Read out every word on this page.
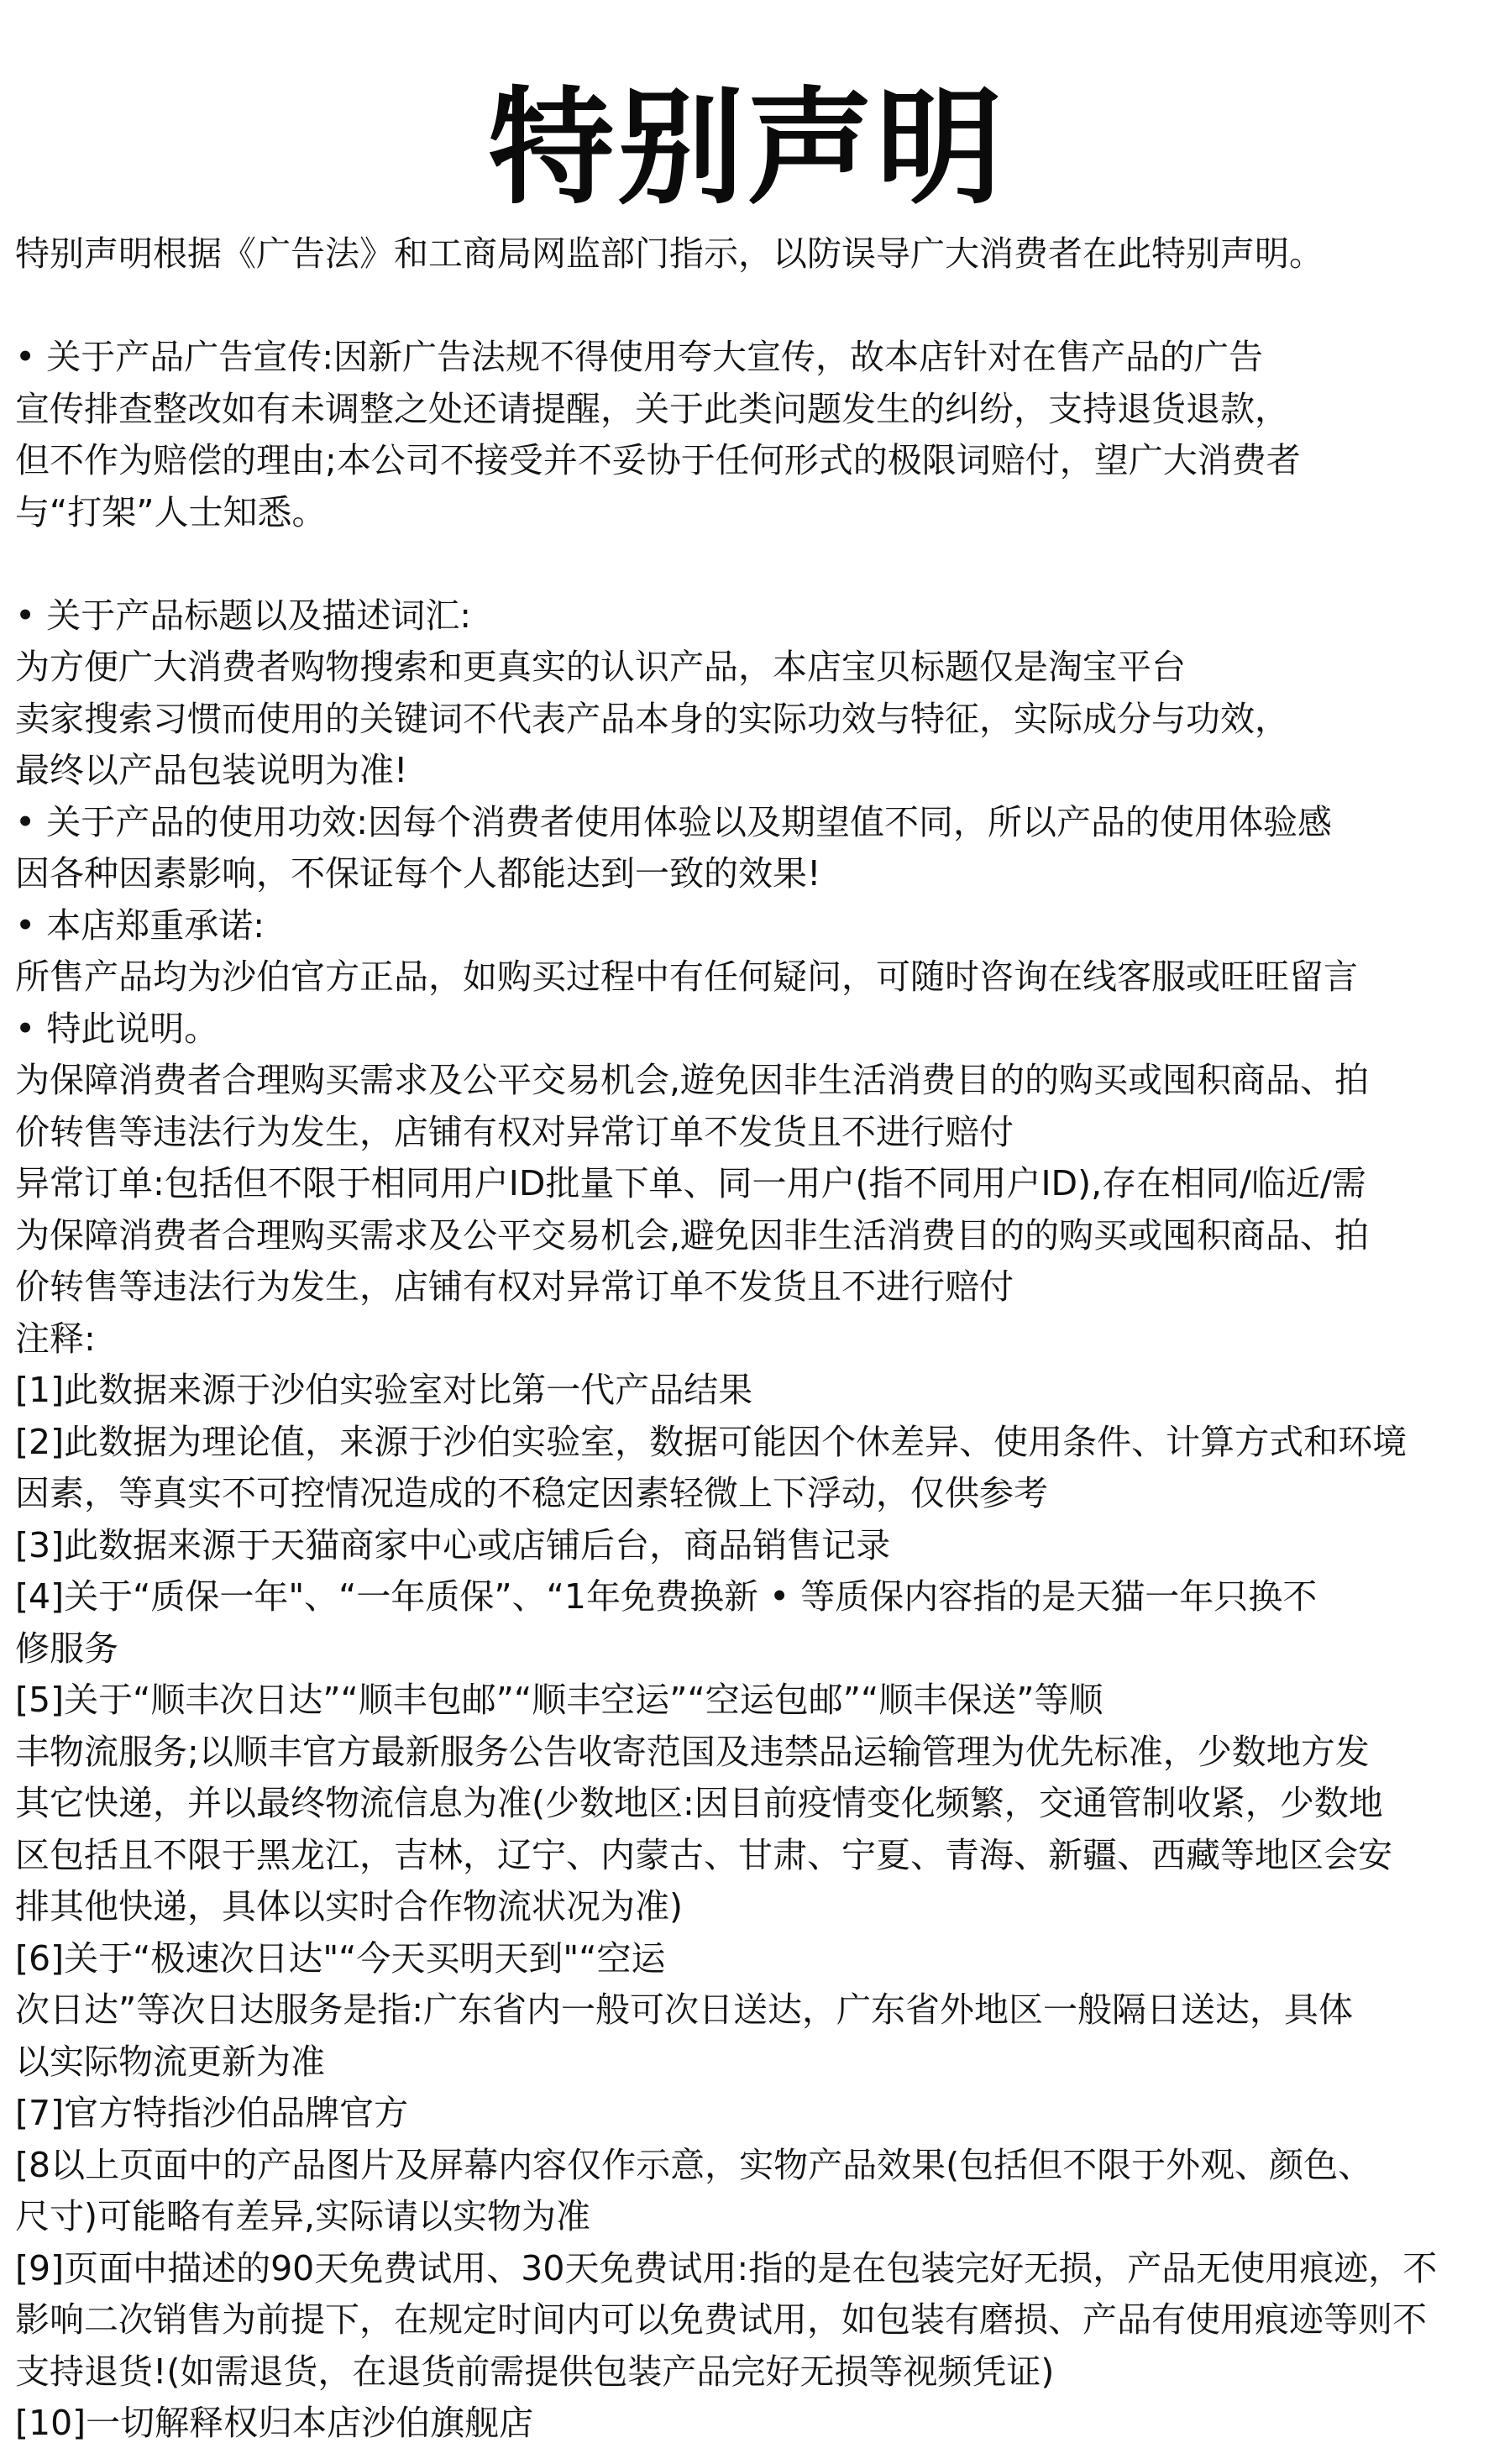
特别声明
特别声明根据《广告法》和工商局网监部门指示，以防误导广大消费者在此特别声明。
• 关于产品广告宣传:因新广告法规不得使用夸大宣传，故本店针对在售产品的广告
宣传排查整改如有未调整之处还请提醒，关于此类问题发生的纠纷，支持退货退款，
但不作为赔偿的理由;本公司不接受并不妥协于任何形式的极限词赔付，望广大消费者
与“打架”人士知悉。
• 关于产品标题以及描述词汇:
为方便广大消费者购物搜索和更真实的认识产品，本店宝贝标题仅是淘宝平台
卖家搜索习惯而使用的关键词不代表产品本身的实际功效与特征，实际成分与功效，
最终以产品包装说明为准!
• 关于产品的使用功效:因每个消费者使用体验以及期望值不同，所以产品的使用体验感
因各种因素影响，不保证每个人都能达到一致的效果!
• 本店郑重承诺:
所售产品均为沙伯官方正品，如购买过程中有任何疑问，可随时咨询在线客服或旺旺留言
• 特此说明。
为保障消费者合理购买需求及公平交易机会,遊免因非生活消费目的的购买或囤积商品、拍
价转售等违法行为发生，店铺有权对异常订单不发货且不进行赔付
异常订单:包括但不限于相同用户ID批量下单、同一用户(指不同用户ID),存在相同/临近/需
为保障消费者合理购买需求及公平交易机会,避免因非生活消费目的的购买或囤积商品、拍
价转售等违法行为发生，店铺有权对异常订单不发货且不进行赔付
注释:
[1]此数据来源于沙伯实验室对比第一代产品结果
[2]此数据为理论值，来源于沙伯实验室，数据可能因个休差异、使用条件、计算方式和环境
因素，等真实不可控情况造成的不稳定因素轻微上下浮动，仅供参考
[3]此数据来源于天猫商家中心或店铺后台，商品销售记录
[4]关于“质保一年"、“一年质保”、“1年免费换新 • 等质保内容指的是天猫一年只换不
修服务
[5]关于“顺丰次日达”“顺丰包邮”“顺丰空运”“空运包邮”“顺丰保送”等顺
丰物流服务;以顺丰官方最新服务公告收寄范国及违禁品运输管理为优先标准，少数地方发
其它快递，并以最终物流信息为准(少数地区:因目前疫情变化频繁，交通管制收紧，少数地
区包括且不限于黑龙江，吉林，辽宁、内蒙古、甘肃、宁夏、青海、新疆、西藏等地区会安
排其他快递，具体以实时合作物流状况为准)
[6]关于“极速次日达"“今天买明天到"“空运
次日达”等次日达服务是指:广东省内一般可次日送达，广东省外地区一般隔日送达，具体
以实际物流更新为准
[7]官方特指沙伯品牌官方
[8以上页面中的产品图片及屏幕内容仅作示意，实物产品效果(包括但不限于外观、颜色、
尺寸)可能略有差异,实际请以实物为准
[9]页面中描述的90天免费试用、30天免费试用:指的是在包装完好无损，产品无使用痕迹，不
影响二次销售为前提下，在规定时间内可以免费试用，如包装有磨损、产品有使用痕迹等则不
支持退货!(如需退货，在退货前需提供包装产品完好无损等视频凭证)
[10]一切解释权归本店沙伯旗舰店
